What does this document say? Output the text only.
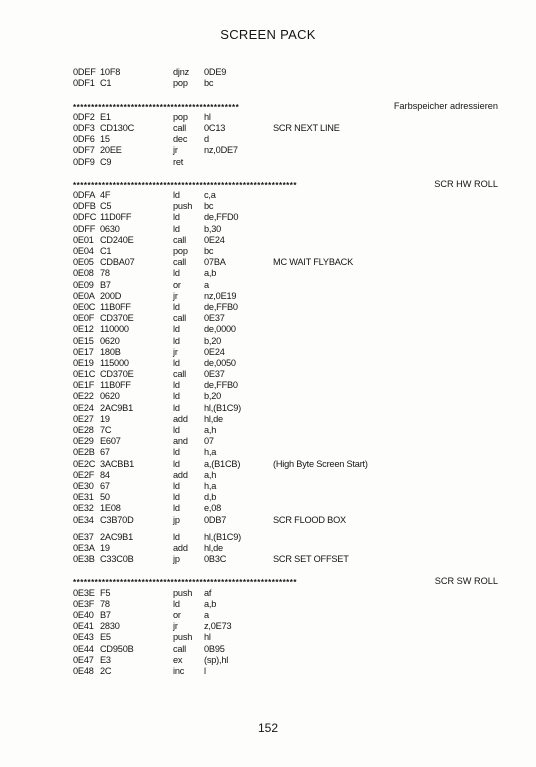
SCREEN PACK
0DEF 10F8	djnz 0DE9
0DF1 C1	pop bc
**********************************************	Farbspeicher adressieren
0DF2 E1	pop hl
0DF3 CD130C	call 0C13	SCR NEXT LINE
0DF6 15	dec d
0DF7 20EE	jr	nz,0DE7
0DF9 C9	ret
**************************************************************	SCR HW ROLL
0DFA 4F	ld	c,a
0DFB C5	push bc
0DFC 11D0FF	ld	de,FFD0
0DFF 0630	ld	b,30
0E01 CD240E	call 0E24
0E04 C1	pop bc
0E05 CDBA07	call 07BA	MC WAIT FLYBACK
0E08 78	ld	a,b
0E09 B7	or	a
0E0A 200D	jr	nz,0E19
0E0C 11B0FF	ld	de,FFB0
0E0F CD370E	call 0E37
0E12 110000	ld	de,0000
0E15 0620	ld	b,20
0E17 180B	jr	0E24
0E19 115000	ld	de,0050
0E1C CD370E	call 0E37
0E1F 11B0FF	ld	de,FFB0
0E22 0620	ld	b,20
0E24 2AC9B1	ld	hl,(B1C9)
0E27 19	add hl,de
0E28 7C	ld	a,h
0E29 E607	and 07
0E2B 67	ld	h,a
0E2C 3ACBB1	ld	a,(B1CB)	(High Byte Screen Start)
0E2F 84	add a,h
0E30 67	ld	h,a
0E31 50	ld	d,b
0E32 1E08	ld	e,08
0E34 C3B70D	jp	0DB7	SCR FLOOD BOX
0E37 2AC9B1	ld	hl,(B1C9)
0E3A 19	add hl,de
0E3B C33C0B	jp	0B3C	SCR SET OFFSET
**************************************************************	SCR SW ROLL
0E3E F5	push af
0E3F 78	ld	a,b
0E40 B7	or	a
0E41 2830	jr	z,0E73
0E43 E5	push hl
0E44 CD950B	call 0B95
0E47 E3	ex (sp),hl
0E48 2C	inc l
152
